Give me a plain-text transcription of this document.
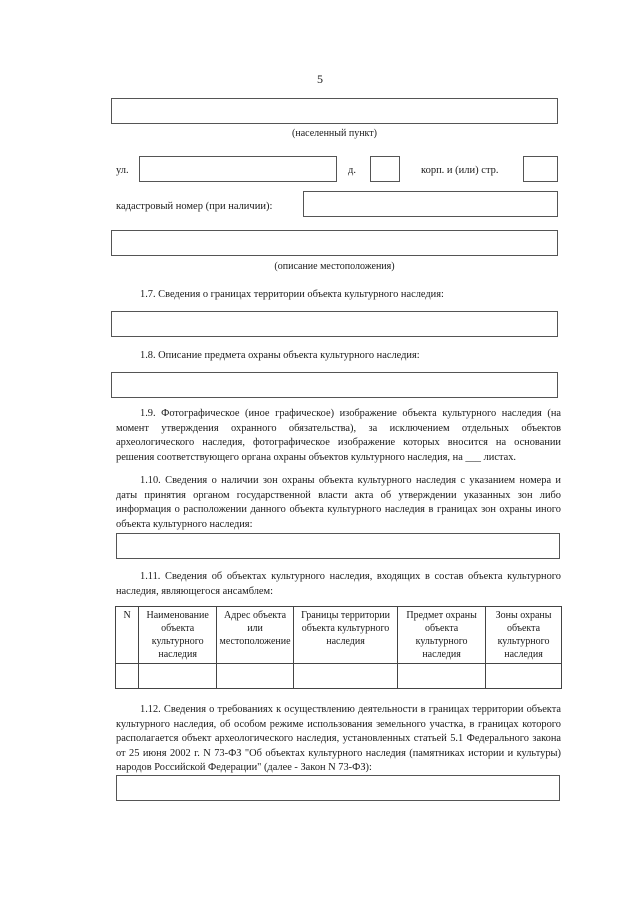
5
(населенный пункт)
ул.	д.	корп. и (или) стр.
кадастровый номер (при наличии):
(описание местоположения)
1.7. Сведения о границах территории объекта культурного наследия:
1.8. Описание предмета охраны объекта культурного наследия:
1.9. Фотографическое (иное графическое) изображение объекта культурного наследия (на момент утверждения охранного обязательства), за исключением отдельных объектов археологического наследия, фотографическое изображение которых вносится на основании решения соответствующего органа охраны объектов культурного наследия, на ___ листах.
1.10. Сведения о наличии зон охраны объекта культурного наследия с указанием номера и даты принятия органом государственной власти акта об утверждении указанных зон либо информация о расположении данного объекта культурного наследия в границах зон охраны иного объекта культурного наследия:
1.11. Сведения об объектах культурного наследия, входящих в состав объекта культурного наследия, являющегося ансамблем:
N	Наименование объекта культурного наследия	Адрес объекта или местоположение	Границы территории объекта культурного наследия	Предмет охраны объекта культурного наследия	Зоны охраны объекта культурного наследия

1.12. Сведения о требованиях к осуществлению деятельности в границах территории объекта культурного наследия, об особом режиме использования земельного участка, в границах которого располагается объект археологического наследия, установленных статьей 5.1 Федерального закона от 25 июня 2002 г. N 73-ФЗ "Об объектах культурного наследия (памятниках истории и культуры) народов Российской Федерации" (далее - Закон N 73-ФЗ):
